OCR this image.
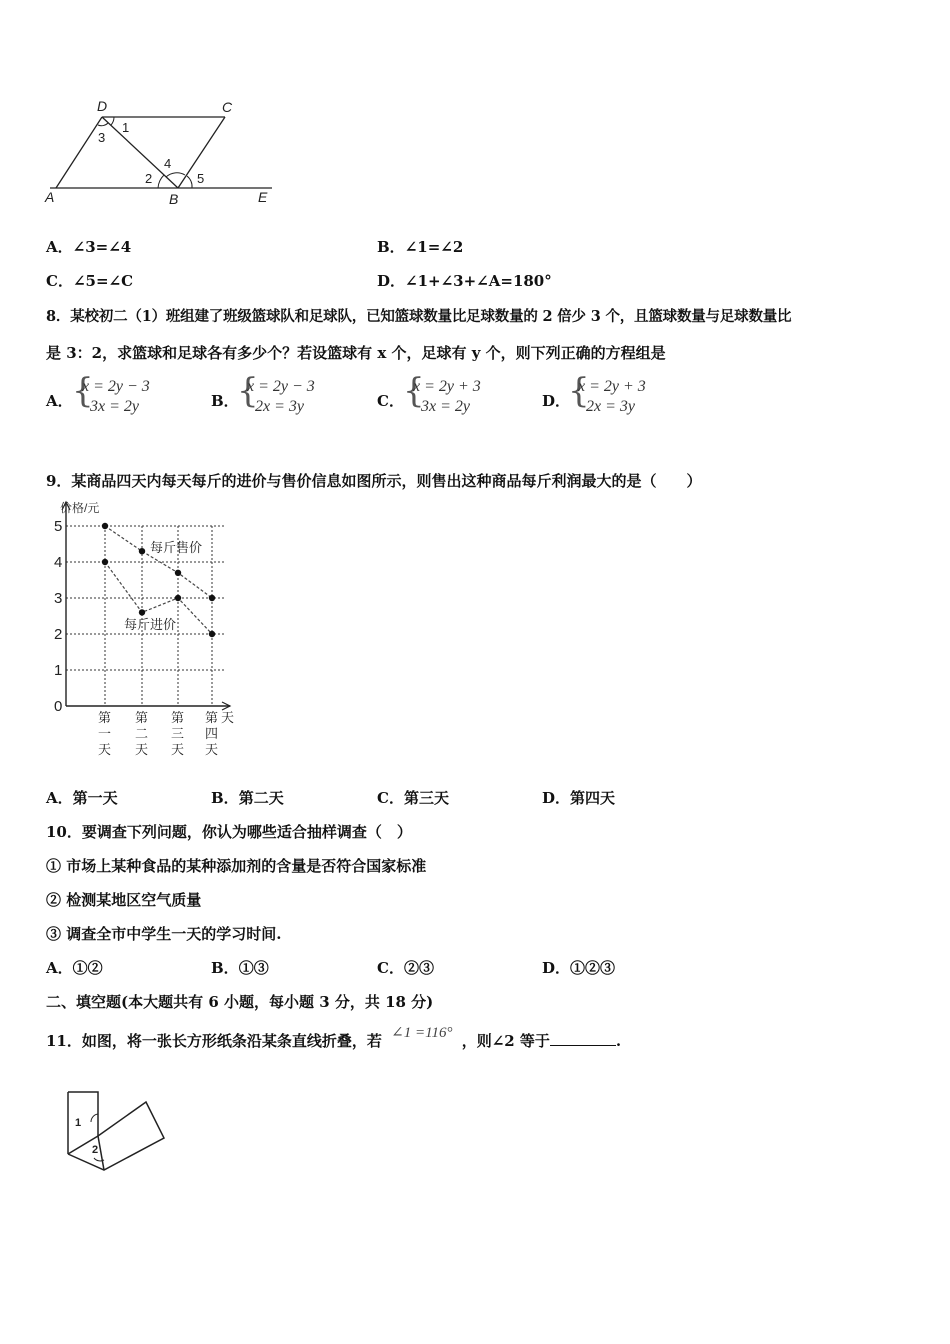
D	C
A	B	E
1
2
3
4
5
A．∠3=∠4	B．∠1=∠2
C．∠5=∠C	D．∠1+∠3+∠A=180°
8．某校初二（1）班组建了班级篮球队和足球队，已知篮球数量比足球数量的 2 倍少 3 个，且篮球数量与足球数量比
是 3：2，求篮球和足球各有多少个？若设篮球有 x 个，足球有 y 个，则下列正确的方程组是
A． {
x = 2y − 3
3x = 2y	B．
{
x = 2y − 3
2x = 3y	C． {
x = 2y + 3
3x = 2y	D．
{
x = 2y + 3
2x = 3y
9．某商品四天内每天每斤的进价与售价信息如图所示，则售出这种商品每斤利润最大的是（　　）
0
1
2
3
4
5
第
一
天
第
二
天
第
三
天
第
四
天
价格/元
天
每斤售价
每斤进价
A．第一天	B．第二天	C．第三天	D．第四天
10．要调查下列问题，你认为哪些适合抽样调查（　）
① 市场上某种食品的某种添加剂的含量是否符合国家标准
② 检测某地区空气质量
③ 调查全市中学生一天的学习时间.
A．①②	B．①③	C．②③	D．①②③
二、填空题(本大题共有 6 小题，每小题 3 分，共 18 分)
11．如图，将一张长方形纸条沿某条直线折叠，若 ∠1 =116° ，则∠2 等于	.
1
2
